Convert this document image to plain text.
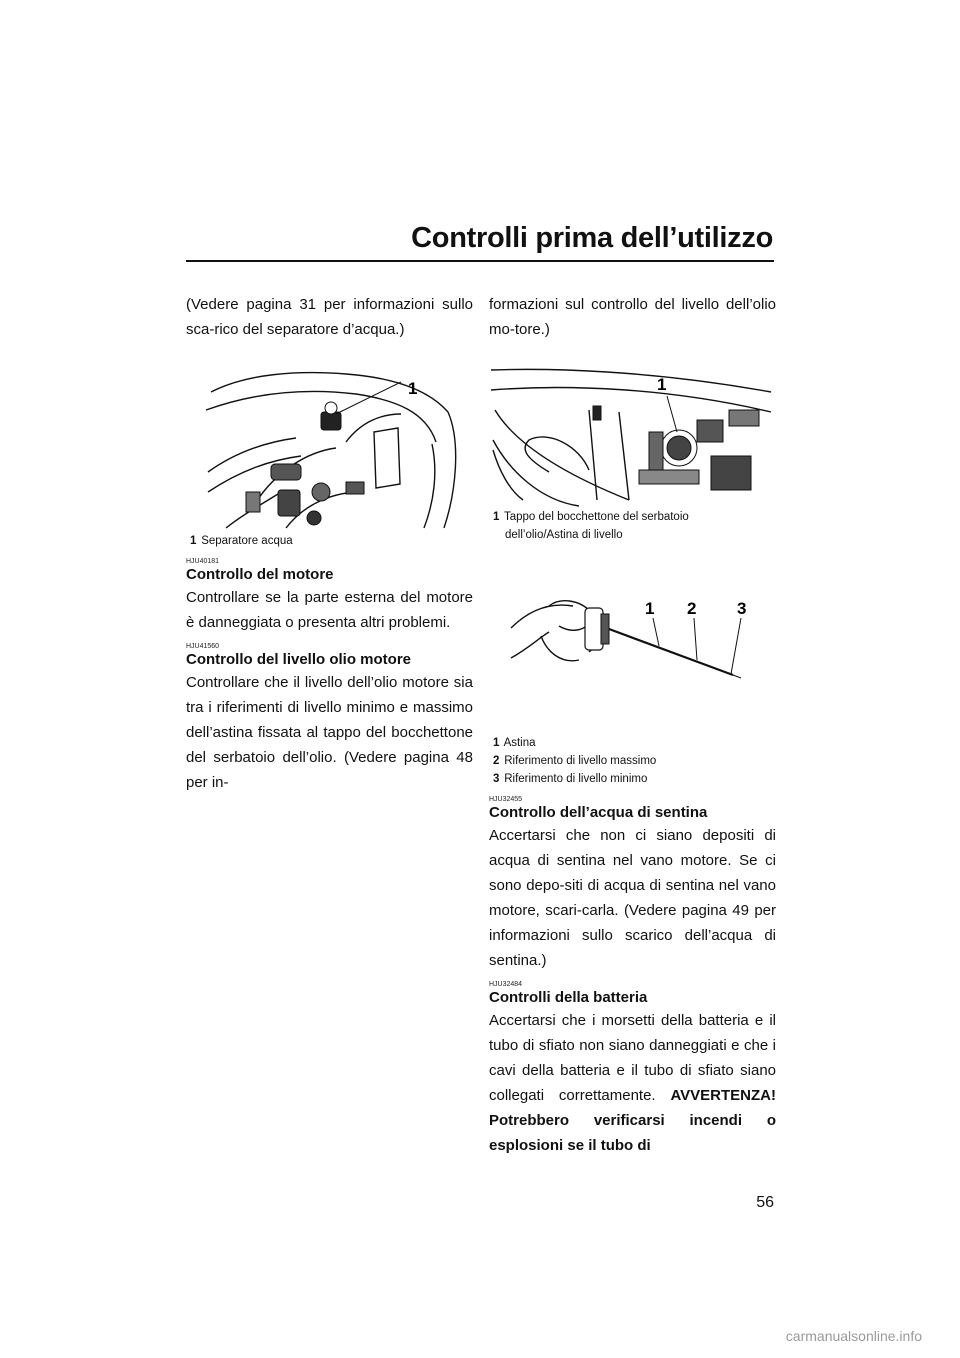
Controlli prima dell’utilizzo

(Vedere pagina 31 per informazioni sullo sca-rico del separatore d’acqua.)

1
1 Separatore acqua
HJU40181
Controllo del motore

Controllare se la parte esterna del motore è danneggiata o presenta altri problemi.

HJU41560
Controllo del livello olio motore

Controllare che il livello dell’olio motore sia tra i riferimenti di livello minimo e massimo dell’astina fissata al tappo del bocchettone del serbatoio dell’olio. (Vedere pagina 48 per in-

formazioni sul controllo del livello dell’olio mo-tore.)

1
1 Tappo del bocchettone del serbatoio
dell’olio/Astina di livello
1 2 3
1 Astina
2 Riferimento di livello massimo
3 Riferimento di livello minimo
HJU32455
Controllo dell’acqua di sentina

Accertarsi che non ci siano depositi di acqua di sentina nel vano motore. Se ci sono depo-siti di acqua di sentina nel vano motore, scari-carla. (Vedere pagina 49 per informazioni sullo scarico dell’acqua di sentina.)

HJU32484
Controlli della batteria

Accertarsi che i morsetti della batteria e il tubo di sfiato non siano danneggiati e che i cavi della batteria e il tubo di sfiato siano collegati correttamente. AVVERTENZA! Potrebbero verificarsi incendi o esplosioni se il tubo di

56
carmanualsonline.info
